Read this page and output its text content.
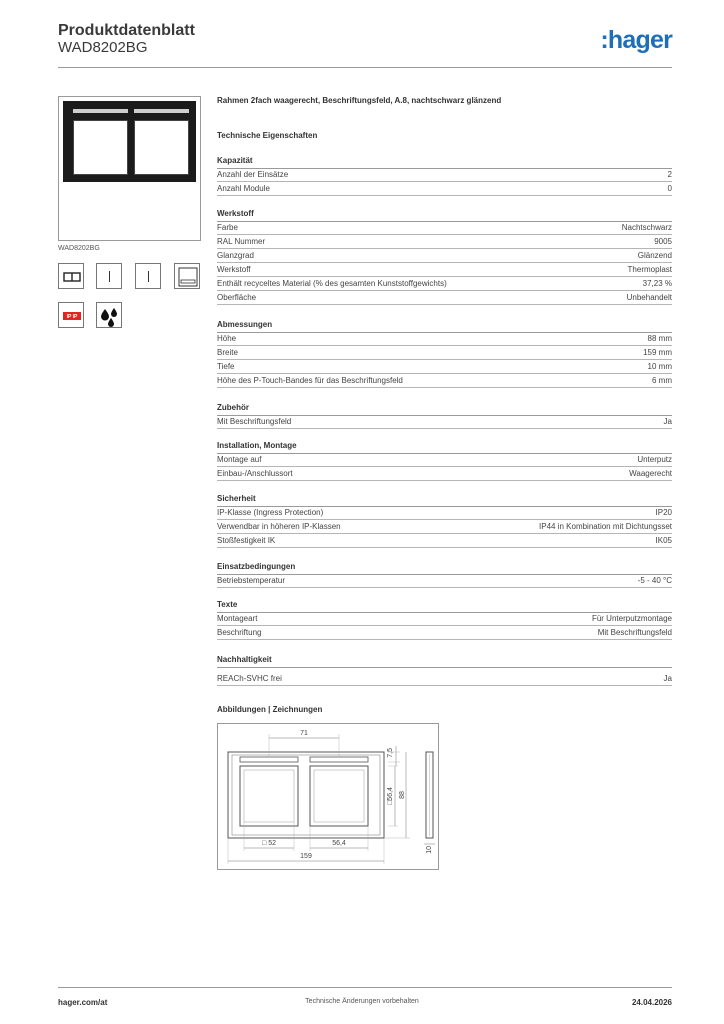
Produktdatenblatt
WAD8202BG	:hager
WAD8202BG
IP IP
Rahmen 2fach waagerecht, Beschriftungsfeld, A.8, nachtschwarz glänzend
Technische Eigenschaften
Kapazität
Anzahl der Einsätze	2
Anzahl Module	0
Werkstoff
Farbe	Nachtschwarz
RAL Nummer	9005
Glanzgrad	Glänzend
Werkstoff	Thermoplast
Enthält recyceltes Material (% des gesamten Kunststoffgewichts)	37,23 %
Oberfläche	Unbehandelt
Abmessungen
Höhe	88 mm
Breite	159 mm
Tiefe	10 mm
Höhe des P-Touch-Bandes für das Beschriftungsfeld	6 mm
Zubehör
Mit Beschriftungsfeld	Ja
Installation, Montage
Montage auf	Unterputz
Einbau-/Anschlussort	Waagerecht
Sicherheit
IP-Klasse (Ingress Protection)	IP20
Verwendbar in höheren IP-Klassen	IP44 in Kombination mit Dichtungsset
Stoßfestigkeit IK	IK05
Einsatzbedingungen
Betriebstemperatur	-5 - 40 °C
Texte
Montageart	Für Unterputzmontage
Beschriftung	Mit Beschriftungsfeld
Nachhaltigkeit
REACh-SVHC frei	Ja
Abbildungen | Zeichnungen
71
7,5
□56,4 88
□ 52	56,4
159
10
hager.com/at	Technische Änderungen vorbehalten	24.04.2026
